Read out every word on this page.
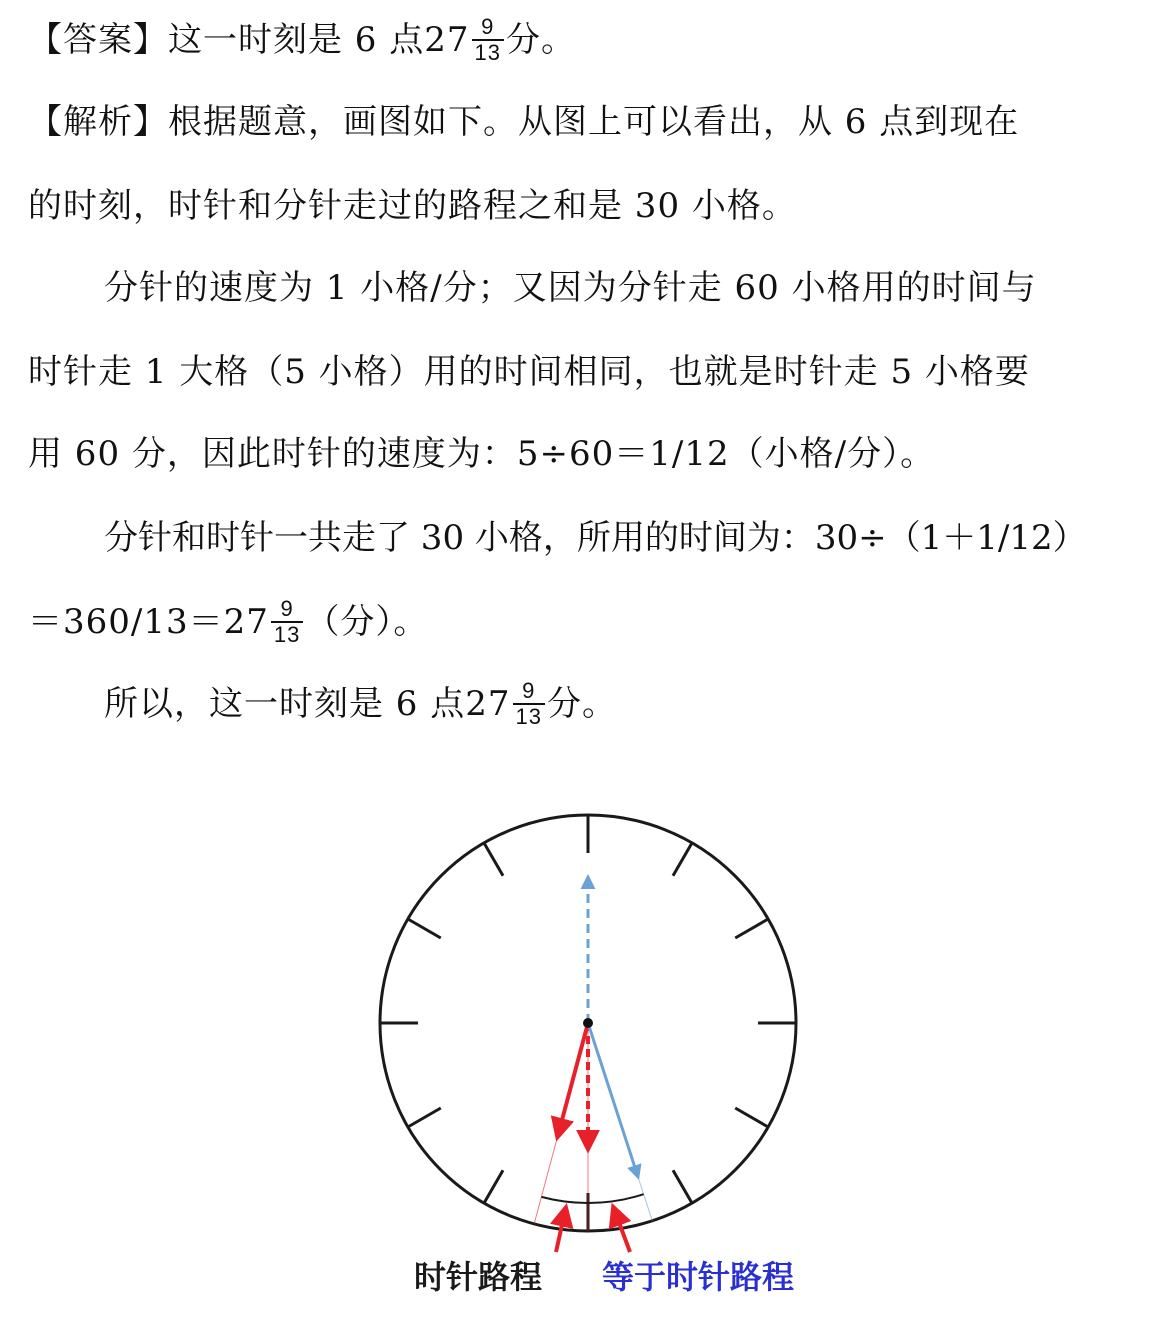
【答案】这一时刻是 6 点$27 \frac{9}{13}$ 分。
【解析】根据题意，画图如下。从图上可以看出，从 6 点到现在
的时刻，时针和分针走过的路程之和是 30 小格。
分针的速度为 1 小格/分；又因为分针走 60 小格用的时间与
时针走 1 大格（5 小格）用的时间相同，也就是时针走 5 小格要
用 60 分，因此时针的速度为：5÷60＝1/12（小格/分）。
分针和时针一共走了 30 小格，所用的时间为：30÷（1＋1/12）
$=360/13=27 \frac{9}{13}$ （分）。
所以，这一时刻是 6 点$27 \frac{9}{13}$ 分。
时针路程 等于时针路程
